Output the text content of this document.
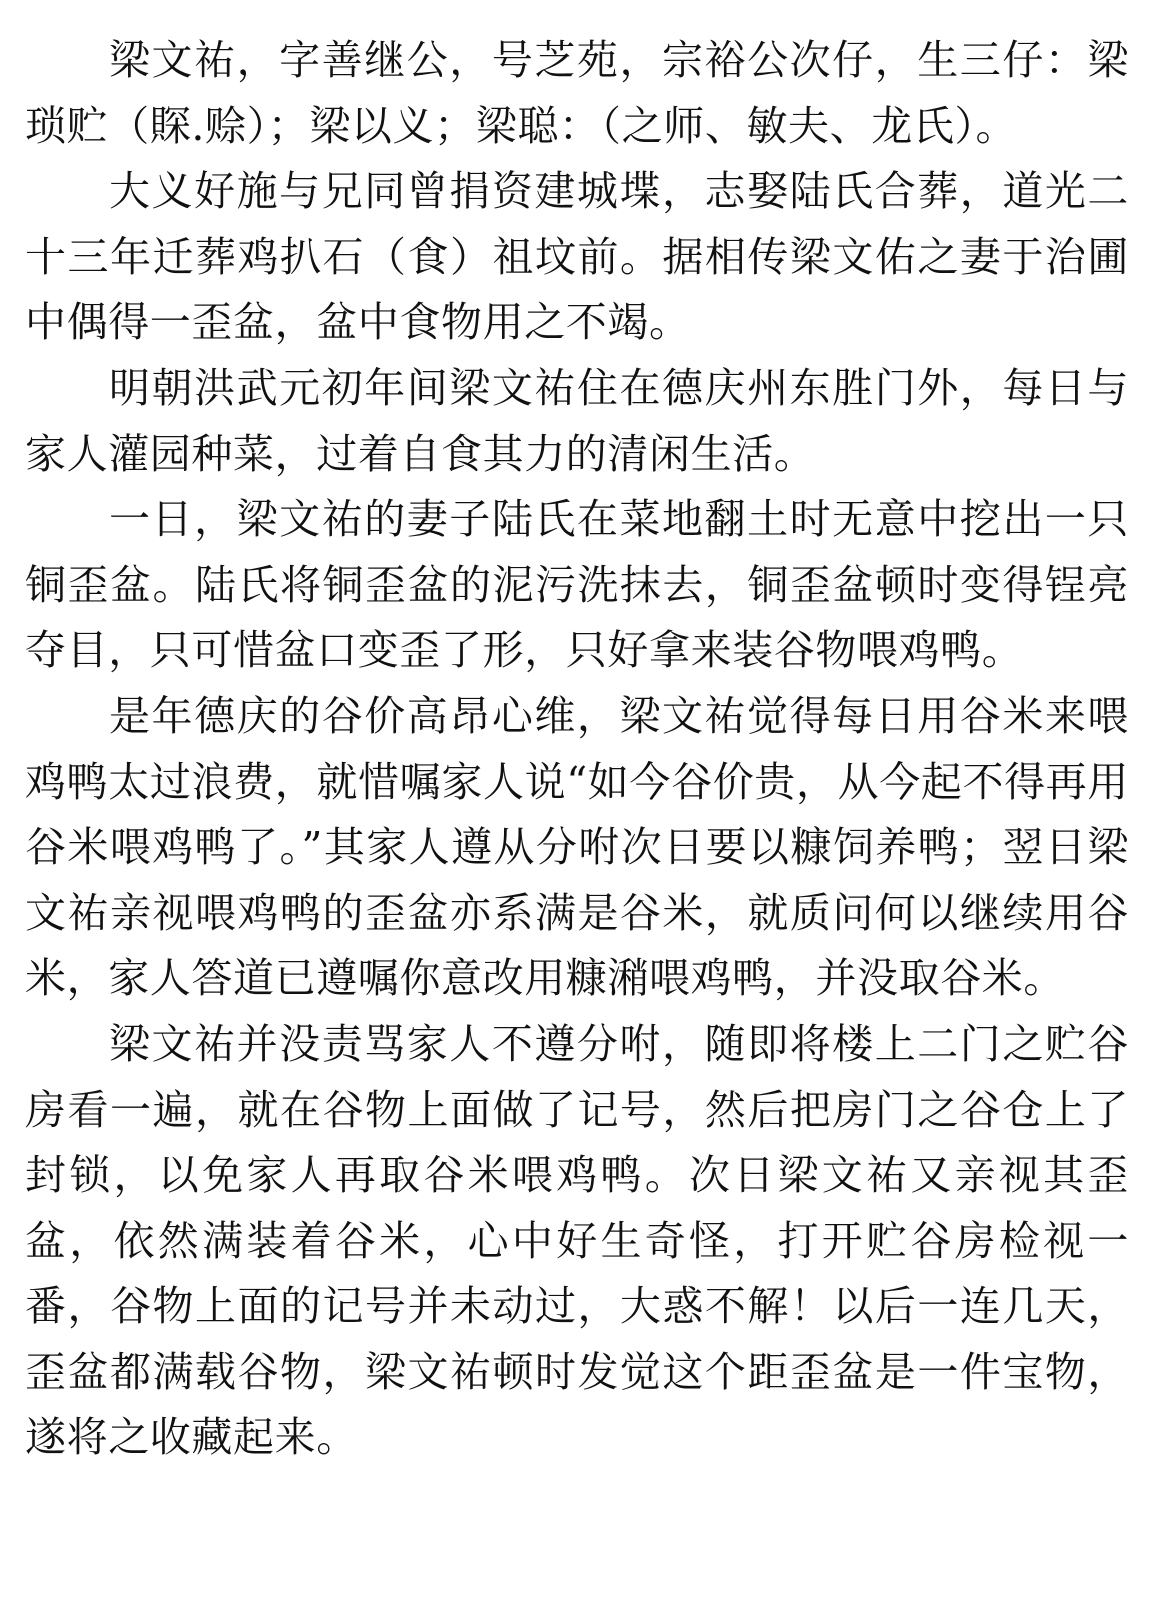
梁文祐，字善继公，号芝苑，宗裕公次仔，生三仔：梁琐贮（賝.赊）；梁以义；梁聪：（之师、敏夫、龙氏）。

大义好施与兄同曾捐资建城堞，志娶陆氏合葬，道光二十三年迁葬鸡扒石（食）祖坟前。据相传梁文佑之妻于治圃中偶得一歪盆，盆中食物用之不竭。

明朝洪武元初年间梁文祐住在德庆州东胜门外，每日与家人灌园种菜，过着自食其力的清闲生活。

一日，梁文祐的妻子陆氏在菜地翻土时无意中挖出一只铜歪盆。陆氏将铜歪盆的泥污洗抹去，铜歪盆顿时变得锃亮夺目，只可惜盆口变歪了形，只好拿来装谷物喂鸡鸭。

是年德庆的谷价高昂心维，梁文祐觉得每日用谷米来喂鸡鸭太过浪费，就惜嘱家人说“如今谷价贵，从今起不得再用谷米喂鸡鸭了。”其家人遵从分咐次日要以糠饲养鸭；翌日梁文祐亲视喂鸡鸭的歪盆亦系满是谷米，就质问何以继续用谷米，家人答道已遵嘱你意改用糠潲喂鸡鸭，并没取谷米。

梁文祐并没责骂家人不遵分咐，随即将楼上二门之贮谷房看一遍，就在谷物上面做了记号，然后把房门之谷仓上了封锁，以免家人再取谷米喂鸡鸭。次日梁文祐又亲视其歪盆，依然满装着谷米，心中好生奇怪，打开贮谷房检视一番，谷物上面的记号并未动过，大惑不解！以后一连几天，歪盆都满载谷物，梁文祐顿时发觉这个距歪盆是一件宝物，遂将之收藏起来。
